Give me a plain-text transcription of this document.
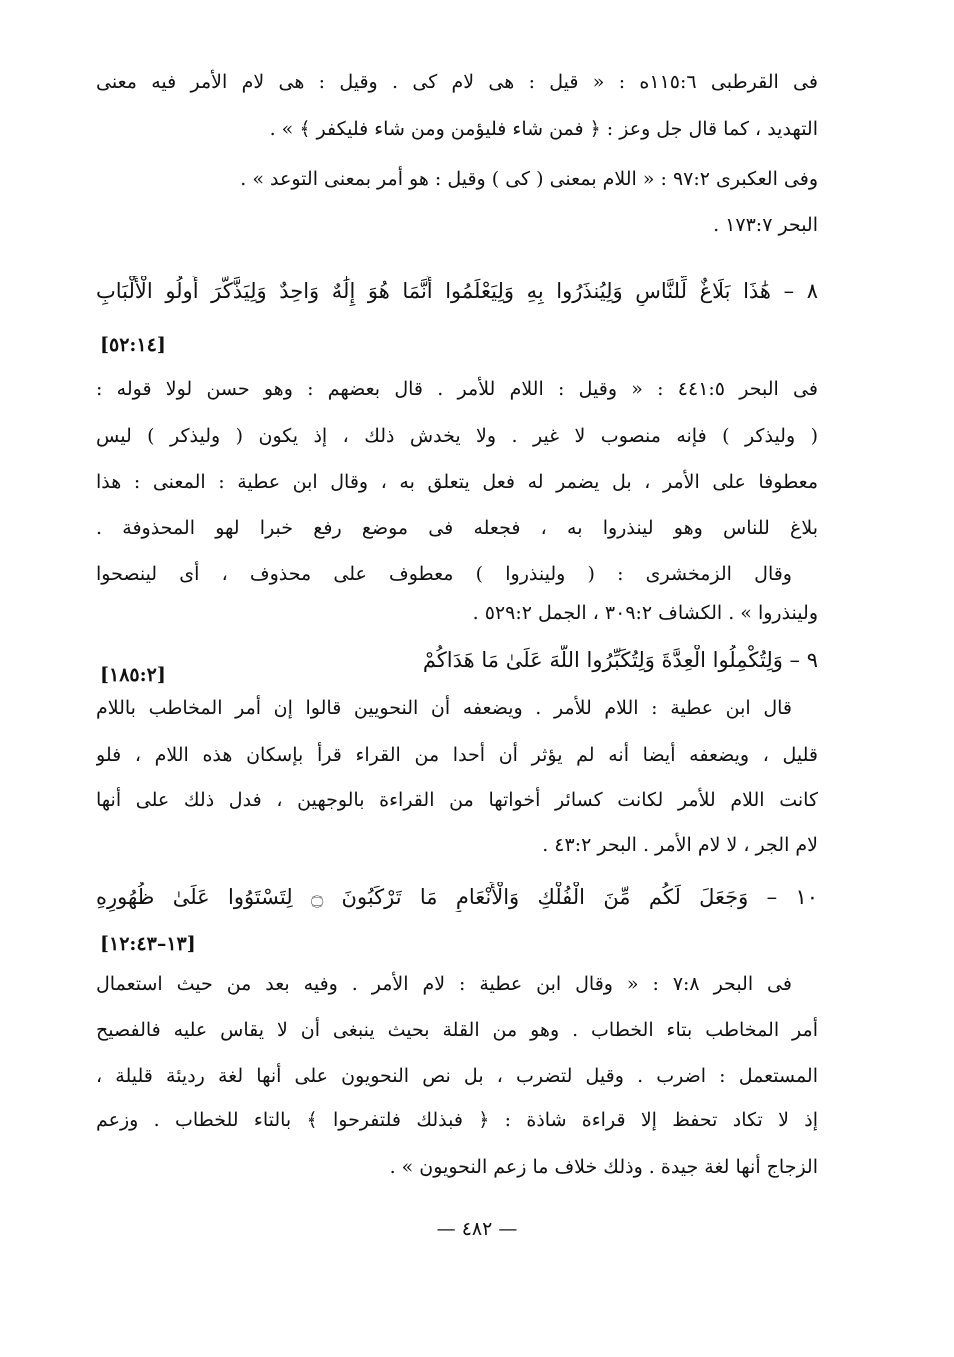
فى القرطبى ١١٥:٦ه : « قيل : هى لام كى . وقيل : هى لام الأمر فيه معنى
التهديد ، كما قال جل وعز : ﴿ فمن شاء فليؤمن ومن شاء فليكفر ﴾ » .
وفى العكبرى ٩٧:٢ : « اللام بمعنى ( كى ) وقيل : هو أمر بمعنى التوعد » .
البحر ١٧٣:٧ .
٨ – هَٰذَا بَلَاغٌ لِّلنَّاسِ وَلِيُنذَرُوا بِهِ وَلِيَعْلَمُوا أَنَّمَا هُوَ إِلَٰهٌ وَاحِدٌ وَلِيَذَّكَّرَ أُولُو الْأَلْبَابِ
[٥٢:١٤]
فى البحر ٤٤١:٥ : « وقيل : اللام للأمر . قال بعضهم : وهو حسن لولا قوله :
( وليذكر ) فإنه منصوب لا غير . ولا يخدش ذلك ، إذ يكون ( وليذكر ) ليس
معطوفا على الأمر ، بل يضمر له فعل يتعلق به ، وقال ابن عطية : المعنى : هذا
بلاغ للناس وهو لينذروا به ، فجعله فى موضع رفع خبرا لهو المحذوفة .
وقال الزمخشرى : ( ولينذروا ) معطوف على محذوف ، أى لينصحوا
ولينذروا » . الكشاف ٣٠٩:٢ ، الجمل ٥٢٩:٢ .
٩ – وَلِتُكْمِلُوا الْعِدَّةَ وَلِتُكَبِّرُوا اللَّهَ عَلَىٰ مَا هَدَاكُمْ
[١٨٥:٢]
قال ابن عطية : اللام للأمر . ويضعفه أن النحويين قالوا إن أمر المخاطب باللام
قليل ، ويضعفه أيضا أنه لم يؤثر أن أحدا من القراء قرأ بإسكان هذه اللام ، فلو
كانت اللام للأمر لكانت كسائر أخواتها من القراءة بالوجهين ، فدل ذلك على أنها
لام الجر ، لا لام الأمر . البحر ٤٣:٢ .
١٠ – وَجَعَلَ لَكُم مِّنَ الْفُلْكِ وَالْأَنْعَامِ مَا تَرْكَبُونَ ۝ لِتَسْتَوُوا عَلَىٰ ظُهُورِهِ
[١٣–١٢:٤٣]
فى البحر ٧:٨ : « وقال ابن عطية : لام الأمر . وفيه بعد من حيث استعمال
أمر المخاطب بتاء الخطاب . وهو من القلة بحيث ينبغى أن لا يقاس عليه فالفصيح
المستعمل : اضرب . وقيل لتضرب ، بل نص النحويون على أنها لغة رديئة قليلة ،
إذ لا تكاد تحفظ إلا قراءة شاذة : ﴿ فبذلك فلتفرحوا ﴾ بالتاء للخطاب . وزعم
الزجاج أنها لغة جيدة . وذلك خلاف ما زعم النحويون » .
— ٤٨٢ —
